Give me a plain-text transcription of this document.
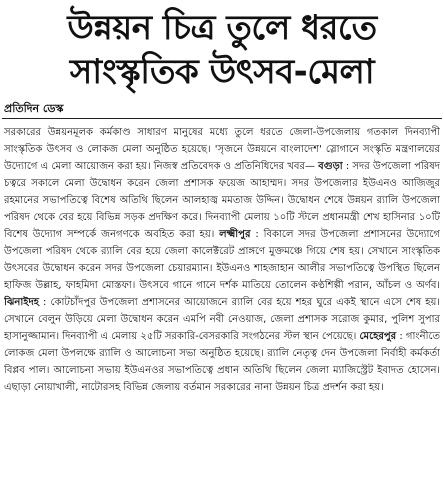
উন্নয়ন চিত্র তুলে ধরতে
সাংস্কৃতিক উৎসব-মেলা
প্রতিদিন ডেস্ক
সরকারের উন্নয়নমূলক কর্মকাণ্ড সাধারণ মানুষের মধ্যে তুলে ধরতে জেলা-উপজেলায় গতকাল দিনব্যাপী সাংস্কৃতিক উৎসব ও লোকজ মেলা অনুষ্ঠিত হয়েছে। 'সৃজনে উন্নয়নে বাংলাদেশ' স্লোগানে সংস্কৃতি মন্ত্রণালয়ের উদ্যোগে এ মেলা আয়োজন করা হয়। নিজস্ব প্রতিবেদক ও প্রতিনিধিদের খবর— বগুড়া : সদর উপজেলা পরিষদ চত্বরে সকালে মেলা উদ্বোধন করেন জেলা প্রশাসক ফয়েজ আহাম্মদ। সদর উপজেলার ইউএনও আজিজুর রহমানের সভাপতিত্বে বিশেষ অতিথি ছিলেন আলহাজ্ব মমতাজ উদ্দিন। উদ্বোধন শেষে উন্নয়ন র‌্যালি উপজেলা পরিষদ থেকে বের হয়ে বিভিন্ন সড়ক প্রদক্ষিণ করে। দিনব্যাপী মেলায় ১০টি স্টলে প্রধানমন্ত্রী শেখ হাসিনার ১০টি বিশেষ উদ্যোগ সম্পর্কে জনগণকে অবহিত করা হয়। লক্ষ্মীপুর : বিকালে সদর উপজেলা প্রশাসনের উদ্যোগে উপজেলা পরিষদ থেকে র‌্যালি বের হয়ে জেলা কালেক্টরেট প্রাঙ্গণে মুক্তমঞ্চে গিয়ে শেষ হয়। সেখানে সাংস্কৃতিক উৎসবের উদ্বোধন করেন সদর উপজেলা চেয়ারম্যান। ইউএনও শাহজাহান আলীর সভাপতিত্বে উপস্থিত ছিলেন হাফিজ উল্লাহ, ফাহমিদা মোস্তফা। উৎসবে গানে গানে দর্শক মাতিয়ে তোলেন কণ্ঠশিল্পী পরান, আঁচল ও অর্ণব। ঝিনাইদহ : কোটচাঁদপুর উপজেলা প্রশাসনের আয়োজনে র‌্যালি বের হয়ে শহর ঘুরে একই স্থানে এসে শেষ হয়। সেখানে বেলুন উড়িয়ে মেলা উদ্বোধন করেন এমপি নবী নেওয়াজ, জেলা প্রশাসক সরোজ কুমার, পুলিশ সুপার হাসানুজ্জামান। দিনব্যাপী এ মেলায় ২৫টি সরকারি-বেসরকারি সংগঠনের স্টল স্থান পেয়েছে। মেহেরপুর : গাংনীতে লোকজ মেলা উপলক্ষে র‌্যালি ও আলোচনা সভা অনুষ্ঠিত হয়েছে। র‌্যালি নেতৃত্ব দেন উপজেলা নির্বাহী কর্মকর্তা বিপ্লব পাল। আলোচনা সভায় ইউএনওর সভাপতিত্বে প্রধান অতিথি ছিলেন জেলা ম্যাজিস্ট্রেট ইবাদত হোসেন। এছাড়া নোয়াখালী, নাটোরসহ বিভিন্ন জেলায় বর্তমান সরকারের নানা উন্নয়ন চিত্র প্রদর্শন করা হয়।
